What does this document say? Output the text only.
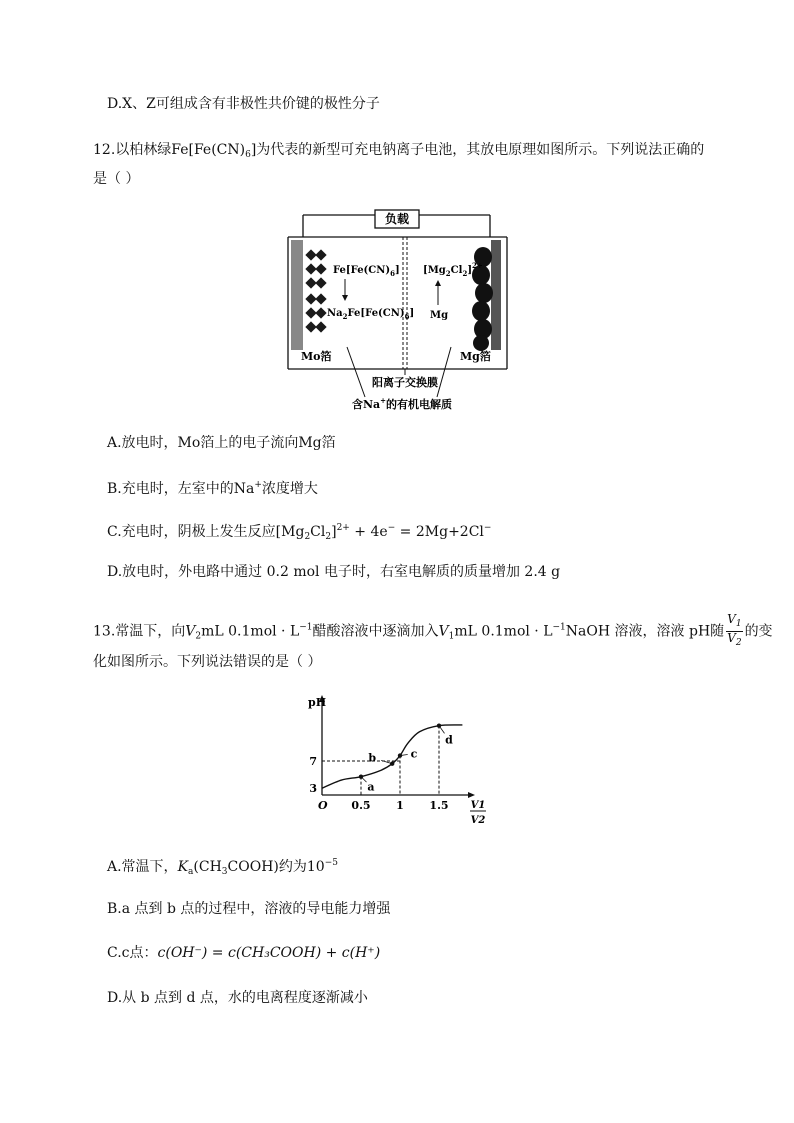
D.X、Z可组成含有非极性共价键的极性分子
12.以柏林绿$Fe[Fe(CN)_6]$为代表的新型可充电钠离子电池，其放电原理如图所示。下列说法正确的
是（ ）
负载
$Fe[Fe(CN)_6]$
$Na_2Fe[Fe(CN)_6]$
$[Mg_2Cl_2]^{2+}$
Mg
Mo箔	Mg箔
阳离子交换膜
含Na+的有机电解质
A.放电时，Mo箔上的电子流向Mg箔
B.充电时，左室中的Na+浓度增大
C.充电时，阴极上发生反应$[Mg_2Cl_2]^{2+} + 4e^- = 2Mg+2Cl^-$
D.放电时，外电路中通过 0.2 mol 电子时，右室电解质的质量增加 2.4 g
13.常温下，向$V_2mL$ $0.1mol \cdot L^{-1}$醋酸溶液中逐滴加入$V_1mL$ $0.1mol \cdot L^{-1}NaOH$ 溶液，溶液 pH随 $\frac{V_1}{V_2}$ 的变
化如图所示。下列说法错误的是（ ）
pH
O	V1
V2
3
7
0.5 1 1.5
a
b	c
d
A.常温下，$K_a(CH_3COOH)$约为$10^{-5}$
B.a 点到 b 点的过程中，溶液的导电能力增强
C.c点：c(OH⁻) = c(CH₃COOH) + c(H⁺)
D.从 b 点到 d 点，水的电离程度逐渐减小
